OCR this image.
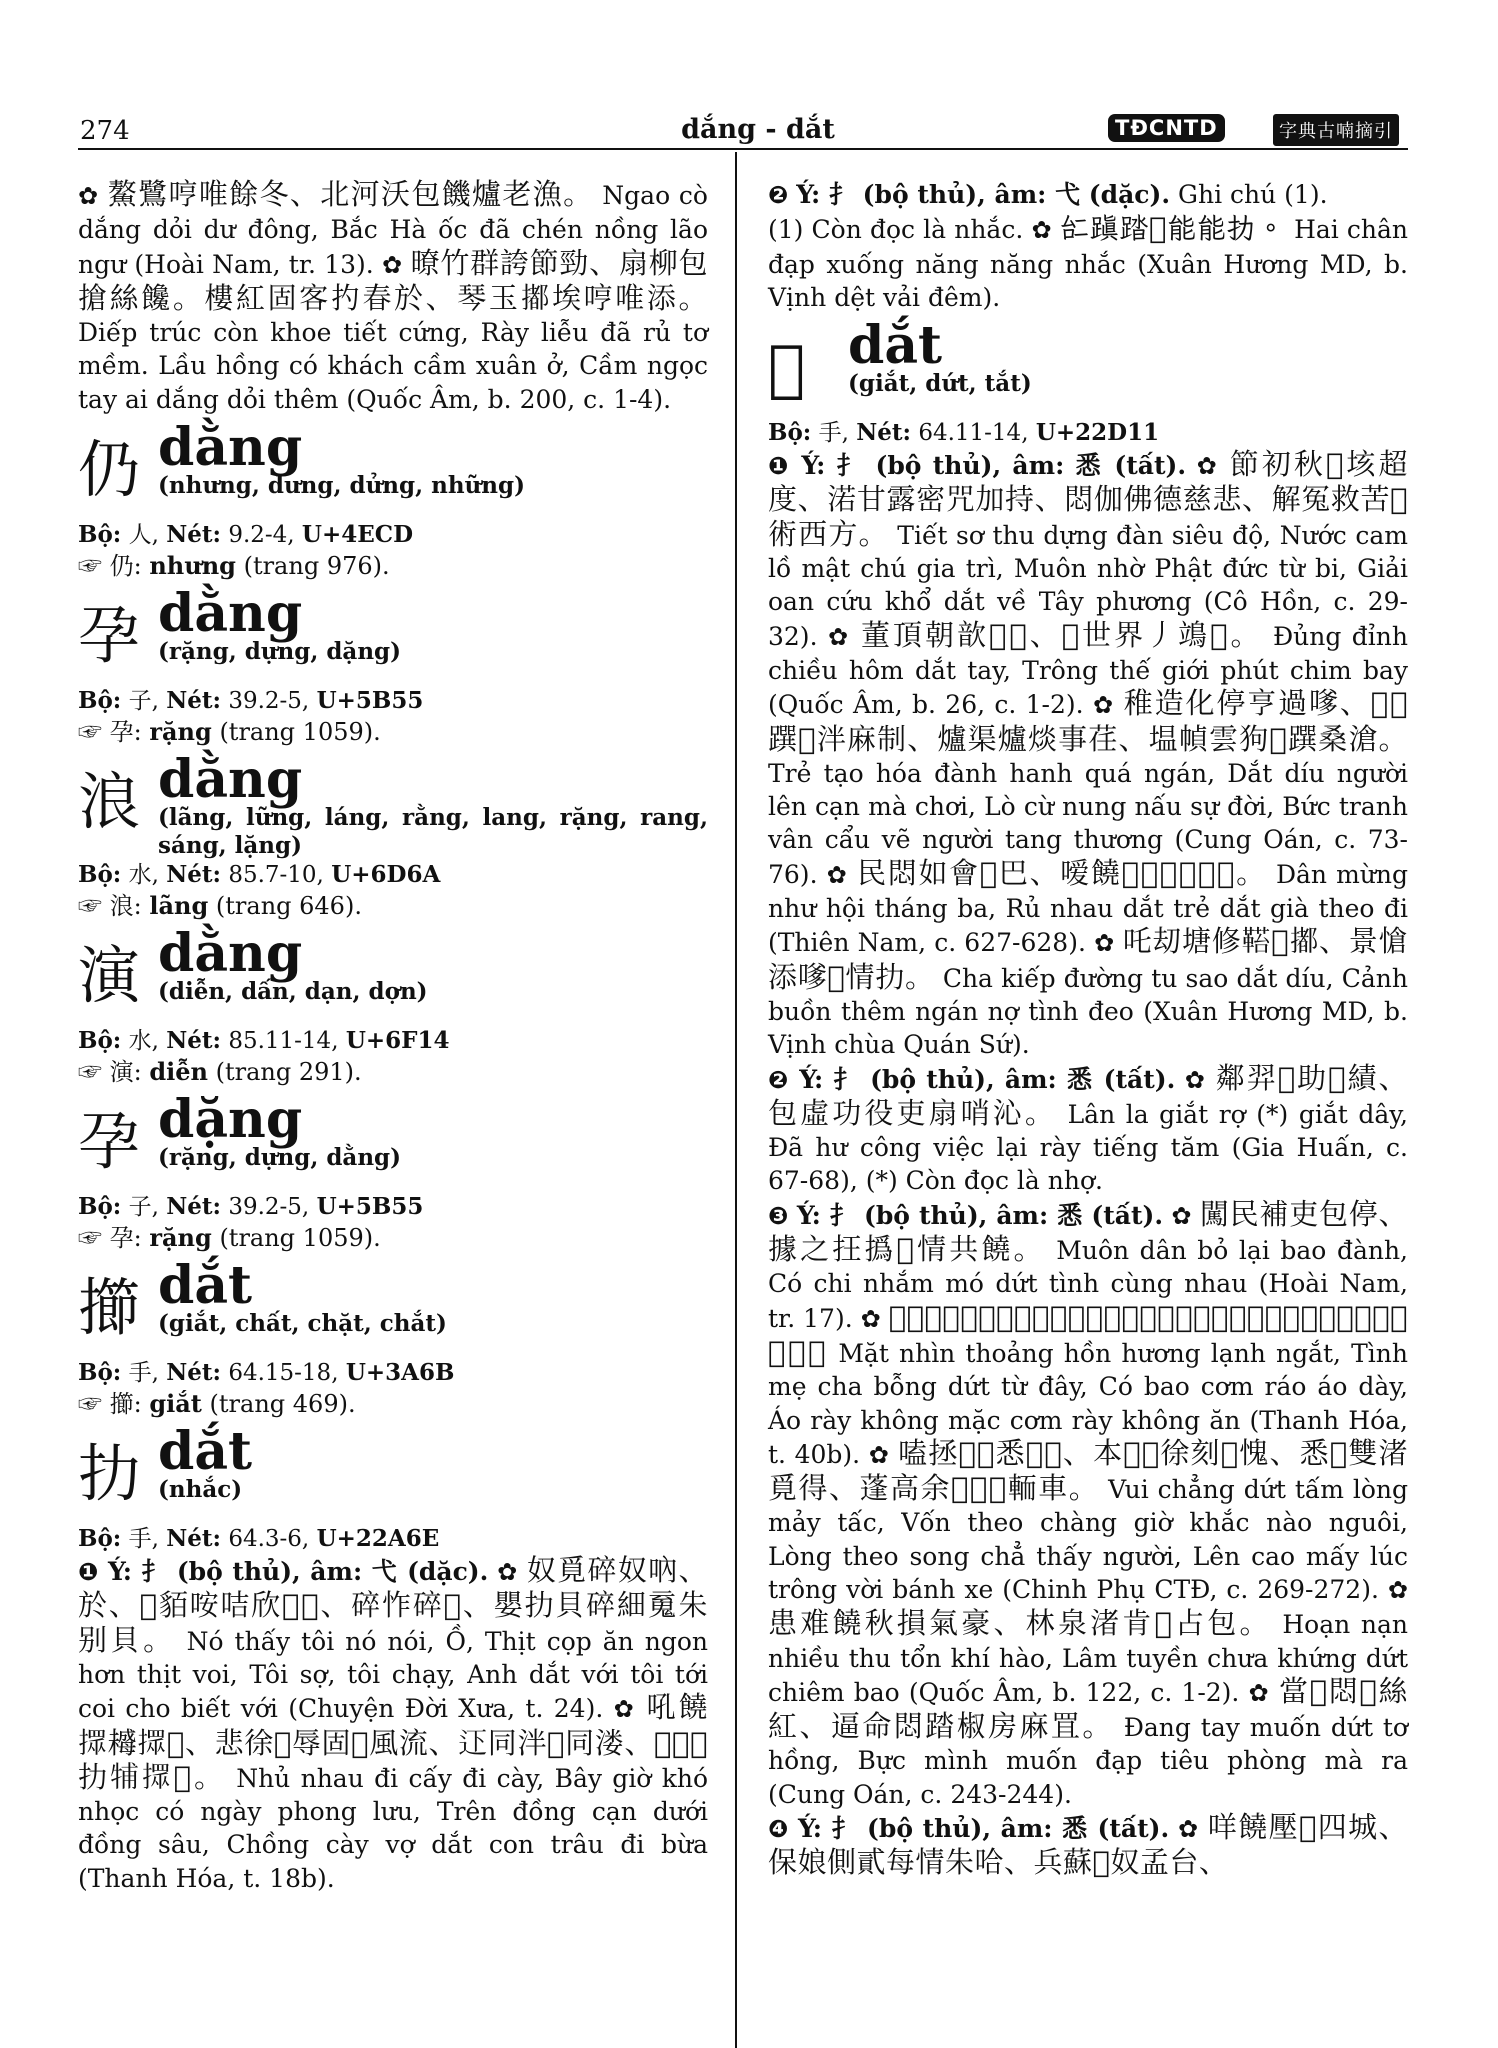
274	dắng - dắt	TĐCNTD	字典古喃摘引

✿ 鰲鷺哼唯餘冬、北河沃包饑爐老漁。 Ngao cò dắng dỏi dư đông, Bắc Hà ốc đã chén nồng lão ngư (Hoài Nam, tr. 13). ✿ 暸竹群誇節勁、扇柳包搶絲饞。樓紅固客扚春於、琴玉𢵋埃哼唯添。 Diếp trúc còn khoe tiết cứng, Rày liễu đã rủ tơ mềm. Lầu hồng có khách cầm xuân ở, Cầm ngọc tay ai dắng dỏi thêm (Quốc Âm, b. 200, c. 1-4).

仍 dằng
(nhưng, dưng, dửng, những)
Bộ: 人, Nét: 9.2-4, U+4ECD
☞ 仍: nhưng (trang 976).
孕 dằng
(rặng, dựng, dặng)
Bộ: 子, Nét: 39.2-5, U+5B55
☞ 孕: rặng (trang 1059).
浪 dằng
(lãng, lững, láng, rằng, lang, rặng, rang, sáng, lặng)
Bộ: 水, Nét: 85.7-10, U+6D6A
☞ 浪: lãng (trang 646).
演 dằng
(diễn, dấn, dạn, dợn)
Bộ: 水, Nét: 85.11-14, U+6F14
☞ 演: diễn (trang 291).
孕 dặng
(rặng, dựng, dằng)
Bộ: 子, Nét: 39.2-5, U+5B55
☞ 孕: rặng (trang 1059).
擳 dắt
(giắt, chất, chặt, chắt)
Bộ: 手, Nét: 64.15-18, U+3A6B
☞ 擳: giắt (trang 469).
扐 dắt
(nhắc)
Bộ: 手, Nét: 64.3-6, U+22A6E

❶ Ý: 扌 (bộ thủ), âm: 弋 (dặc). ✿ 奴覓碎奴吶、於、𤞻貊咹咭欣𤞻𤝞、碎怍碎𧺀、嬰扐貝碎細䰟朱别貝。 Nó thấy tôi nó nói, Ồ, Thịt cọp ăn ngon hơn thịt voi, Tôi sợ, tôi chạy, Anh dắt với tôi tới coi cho biết với (Chuyện Đời Xưa, t. 24). ✿ 吼饒𢶢𣚺𢶢𦓿、悲徐𦹳辱固𨕭風流、𨑜同泮𨕭同溇、𦓿𦓿𢷀扐𤙭𢶢𦓿。 Nhủ nhau đi cấy đi cày, Bây giờ khó nhọc có ngày phong lưu, Trên đồng cạn dưới đồng sâu, Chồng cày vợ dắt con trâu đi bừa (Thanh Hóa, t. 18b).

❷ Ý: 扌 (bộ thủ), âm: 弋 (dặc). Ghi chú (1).

(1) Còn đọc là nhắc. ✿ 𠄩蹎踏𨆢能能扐。 Hai chân đạp xuống năng năng nhắc (Xuân Hương MD, b. Vịnh dệt vải đêm).

𢵑 dắt
(giắt, dứt, tắt)
Bộ: 手, Nét: 64.11-14, U+22D11

❶ Ý: 扌 (bộ thủ), âm: 悉 (tất). ✿ 節初秋𨍦垓超度、渃甘露密咒加持、悶伽佛德慈悲、解冤救苦𢵑術西方。 Tiết sơ thu dựng đàn siêu độ, Nước cam lồ mật chú gia trì, Muôn nhờ Phật đức từ bi, Giải oan cứu khổ dắt về Tây phương (Cô Hồn, c. 29-32). ✿ 董頂朝歆𢵑𢵋、𩈘世界丿鴗𪆧。 Đủng đỉnh chiều hôm dắt tay, Trông thế giới phút chim bay (Quốc Âm, b. 26, c. 1-2). ✿ 稚造化停亨過嗲、𢵑𢵋䠣𨕭泮麻制、爐渠爐㷋事荏、塭幀雲狗𩵜䠣桑滄。 Trẻ tạo hóa đành hanh quá ngán, Dắt díu người lên cạn mà chơi, Lò cừ nung nấu sự đời, Bức tranh vân cẩu vẽ người tang thương (Cung Oán, c. 73-76). ✿ 民悶如會𣎃巴、嗳饒𢵑𥚄𢵑𦓿𡀳𢶢。 Dân mừng như hội tháng ba, Rủ nhau dắt trẻ dắt già theo đi (Thiên Nam, c. 627-628). ✿ 吒刧塘修𩌂𢵑𢵋、景愴添嗲𡢐情扐。 Cha kiếp đường tu sao dắt díu, Cảnh buồn thêm ngán nợ tình đeo (Xuân Hương MD, b. Vịnh chùa Quán Sứ).

❷ Ý: 扌 (bộ thủ), âm: 悉 (tất). ✿ 鄰羿𢵑助𢵑績、包虛功役吏扇哨沁。 Lân la giắt rợ (*) giắt dây, Đã hư công việc lại rày tiếng tăm (Gia Huấn, c. 67-68), (*) Còn đọc là nhợ.

❸ Ý: 扌 (bộ thủ), âm: 悉 (tất). ✿ 闖民補吏包停、據之抂撝𢵑情共饒。 Muôn dân bỏ lại bao đành, Có chi nhắm mó dứt tình cùng nhau (Hoài Nam, tr. 17). ✿ 𩈘𥆾倘䰟香冷𠃝、情媄吒俸𢵑徐低、固色粓𥸷襖𩚵、襖扇空默粓扇空咹。 Mặt nhìn thoảng hồn hương lạnh ngắt, Tình mẹ cha bỗng dứt từ đây, Có bao cơm ráo áo dày, Áo rày không mặc cơm rày không ăn (Thanh Hóa, t. 40b). ✿ 嗑拯𢵑𦛌悉𠁑𢁴、本𠸗𢪀徐刻𣅶愧、悉𠸗雙渚覓得、蓬高余𣉹𨓡𤀒輀車。 Vui chẳng dứt tấm lòng mảy tấc, Vốn theo chàng giờ khắc nào nguôi, Lòng theo song chẳ thấy người, Lên cao mấy lúc trông vời bánh xe (Chinh Phụ CTĐ, c. 269-272). ✿ 患难饒秋損氣豪、林泉渚肯𢵑占包。 Hoạn nạn nhiều thu tổn khí hào, Lâm tuyền chưa khứng dứt chiêm bao (Quốc Âm, b. 122, c. 1-2). ✿ 當𢬣悶𢵑絲紅、逼命悶踏椒房麻罝。 Đang tay muốn dứt tơ hồng, Bực mình muốn đạp tiêu phòng mà ra (Cung Oán, c. 243-244).

❹ Ý: 扌 (bộ thủ), âm: 悉 (tất). ✿ 咩饒壓𢀨四城、保娘側貳每情朱哈、兵蘇𠢞奴孟台、
